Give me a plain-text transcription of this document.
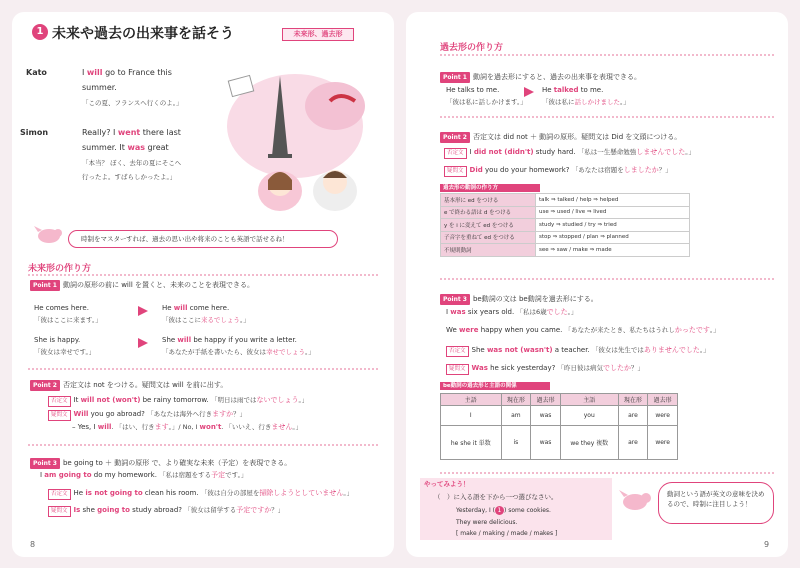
1 未来や過去の出来事を話そう	未来形、過去形
Kato	I will go to France this
summer.
「この夏、フランスへ行くのよ。」
Simon	Really? I went there last
summer. It was great
「本当？ ぼく、去年の夏にそこへ
行ったよ。すばらしかったよ。」
時制をマスターすれば、過去の思い出や将来のことも英語で話せるね！
未来形の作り方
Point 1 動詞の原形の前に will を置くと、未来のことを表現できる。
He comes here.	He will come here.
「彼はここに来ます。」	「彼はここに来るでしょう。」
She is happy.	She will be happy if you write a letter.
「彼女は幸せです。」	「あなたが手紙を書いたら、彼女は幸せでしょう。」
Point 2 否定文は not をつける。疑問文は will を前に出す。
否定文 It will not (won't) be rainy tomorrow. 「明日は雨ではないでしょう。」
疑問文 Will you go abroad? 「あなたは海外へ行きますか？」
– Yes, I will. 「はい、行きます。」/ No, I won't. 「いいえ、行きません。」
Point 3 be going to ＋ 動詞の原形 で、より確実な未来（予定）を表現できる。
I am going to do my homework. 「私は宿題をする予定です。」
否定文 He is not going to clean his room. 「彼は自分の部屋を掃除しようとしていません。」
疑問文 Is she going to study abroad? 「彼女は留学する予定ですか？」
過去形の作り方
Point 1 動詞を過去形にすると、過去の出来事を表現できる。
He talks to me.	He talked to me.
「彼は私に話しかけます。」 「彼は私に話しかけました。」
Point 2 否定文は did not ＋ 動詞の原形。疑問文は Did を文頭につける。
否定文 I did not (didn't) study hard. 「私は一生懸命勉強しませんでした。」
疑問文 Did you do your homework? 「あなたは宿題をしましたか？」
過去形の動詞の作り方
基本形に ed をつける	talk ⇒ talked / help ⇒ helped
e で終わる語は d をつける	use ⇒ used / live ⇒ lived
y を i に変えて ed をつける	study ⇒ studied / try ⇒ tried
子音字を重ねて ed をつける	stop ⇒ stopped / plan ⇒ planned
不規則動詞	see ⇒ saw / make ⇒ made
Point 3 be動詞の文は be動詞を過去形にする。
I was six years old. 「私は6歳でした。」
We were happy when you came. 「あなたが来たとき、私たちはうれしかったです。」
否定文 She was not (wasn't) a teacher. 「彼女は先生ではありませんでした。」
疑問文 Was he sick yesterday? 「昨日彼は病気でしたか？」
be動詞の過去形と主語の関係
主語	現在形	過去形	主語	現在形	過去形
I	am	was	you	are	were
he she it 単数	is	was	we they 複数	are	were
やってみよう！
（　）に入る語を下から一つ選びなさい。
Yesterday, I ( 1 ) some cookies.
They were delicious.
[ make / making / made / makes ]
動詞という語が英文の意味を決めるので、時制に注目しよう！
8	9
